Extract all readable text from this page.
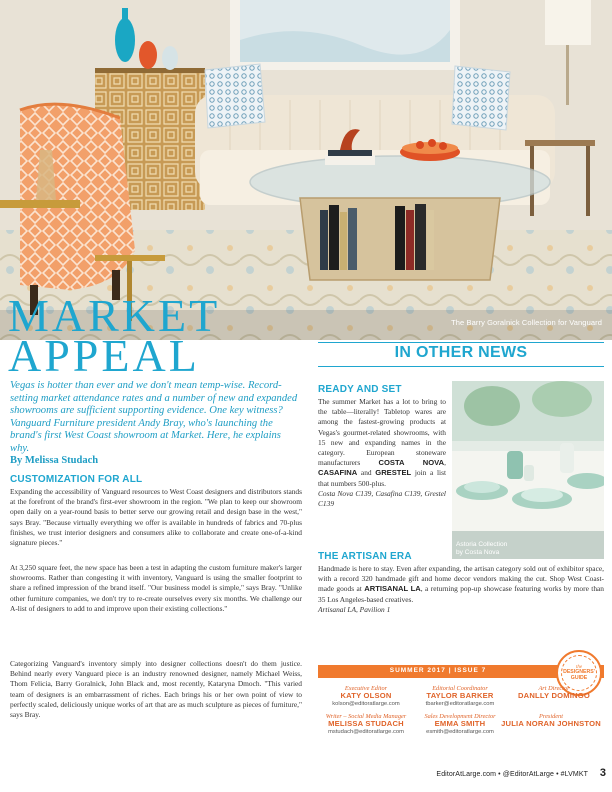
The Barry Goralnick Collection for Vanguard
MARKET
APPEAL

Vegas is hotter than ever and we don't mean temp-wise. Record-setting market attendance rates and a number of new and expanded showrooms are sufficient supporting evidence. One key witness? Vanguard Furniture president Andy Bray, who's launching the brand's first West Coast showroom at Market. Here, he explains why.

By Melissa Studach

CUSTOMIZATION FOR ALL

Expanding the accessibility of Vanguard resources to West Coast designers and distributors stands at the forefront of the brand's first-ever showroom in the region. "We plan to keep our showroom open daily on a year-round basis to better serve our growing retail and design base in the west," says Bray. "Because virtually everything we offer is available in hundreds of fabrics and 70-plus finishes, we trust interior designers and consumers alike to collaborate and create one-of-a-kind signature pieces."

At 3,250 square feet, the new space has been a test in adapting the custom furniture maker's larger showrooms. Rather than congesting it with inventory, Vanguard is using the smaller footprint to share a refined impression of the brand itself. "Our business model is simple," says Bray. "Unlike other furniture companies, we don't try to re-create ourselves every six months. We challenge our A-list of designers to add to and improve upon their existing collections."

Categorizing Vanguard's inventory simply into designer collections doesn't do them justice. Behind nearly every Vanguard piece is an industry renowned designer, namely Michael Weiss, Thom Felicia, Barry Goralnick, John Black and, most recently, Kataryna Dmoch. "This varied team of designers is an embarrassment of riches. Each brings his or her own point of view to perfectly scaled, deliciously unique works of art that are as much sculpture as pieces of furniture," says Bray.

IN OTHER NEWS
READY AND SET

The summer Market has a lot to bring to the table—literally! Tabletop wares are among the fastest-growing products at Vegas's gourmet-related showrooms, with 15 new and expanding names in the category. European stoneware manufacturers COSTA NOVA, CASAFINA and GRESTEL join a list that numbers 500-plus.
Costa Nova C139, Casafina C139, Grestel C139

Astoria Collection
by Costa Nova
THE ARTISAN ERA

Handmade is here to stay. Even after expanding, the artisan category sold out of exhibitor space, with a record 320 handmade gift and home decor vendors making the cut. Shop West Coast-made goods at ARTISANAL LA, a returning pop-up showcase featuring works by more than 35 Los Angeles-based creatives.
Artisanal LA, Pavilion 1

SUMMER 2017 | ISSUE 7	the
DESIGNERS'
GUIDE
Executive Editor
KATY OLSON
kolson@editoratlarge.com
Editorial Coordinator
TAYLOR BARKER
tbarker@editoratlarge.com
Art Director
DANLLY DOMINGO
Writer – Social Media Manager
MELISSA STUDACH
mstudach@editoratlarge.com
Sales Development Director
EMMA SMITH
esmith@editoratlarge.com
President
JULIA NORAN JOHNSTON
EditorAtLarge.com • @EditorAtLarge • #LVMKT 3
